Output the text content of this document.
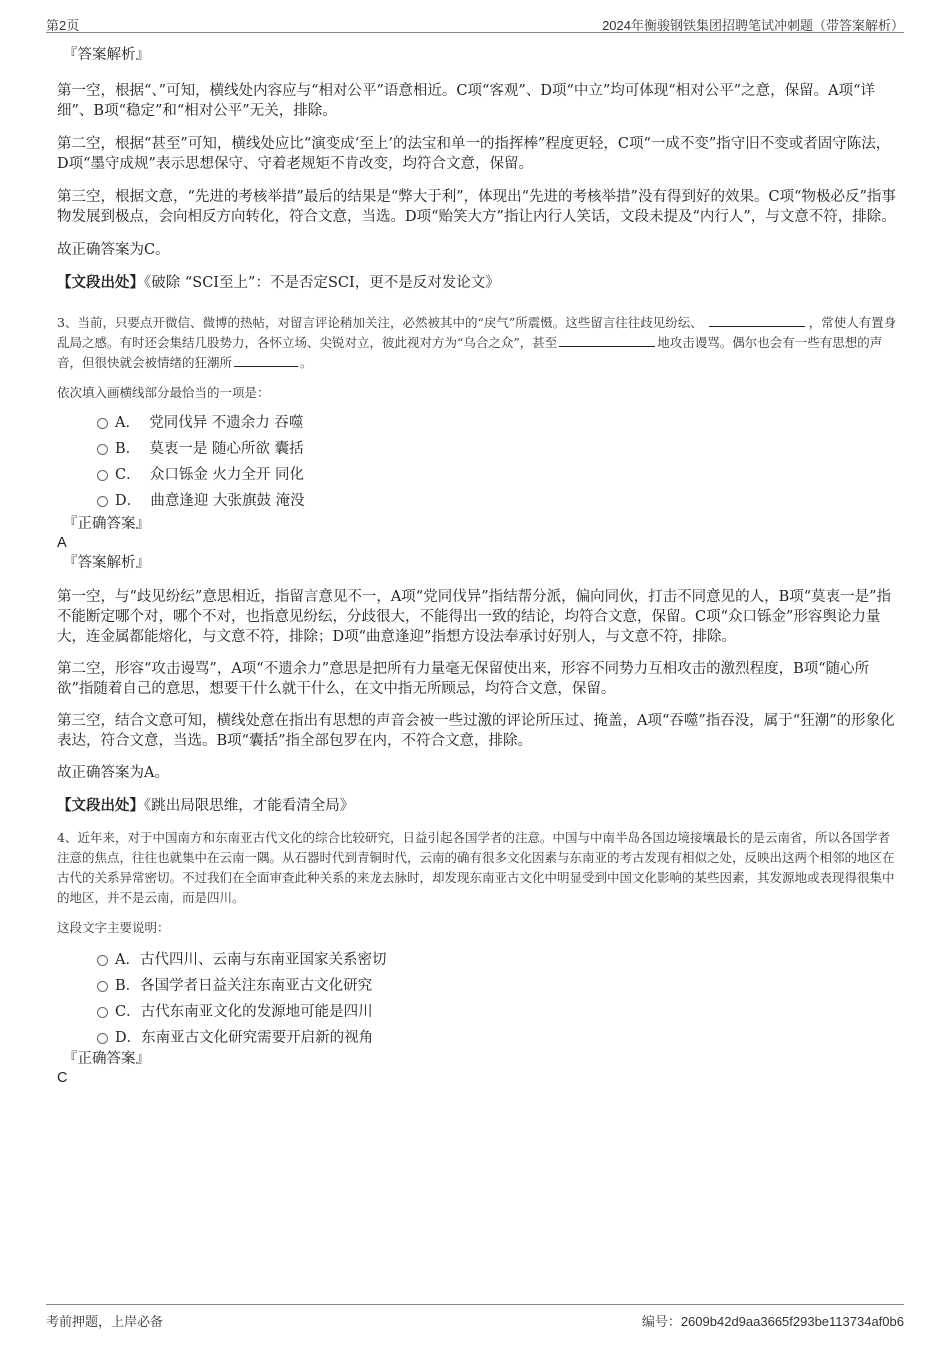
第2页	2024年衡骏钢铁集团招聘笔试冲刺题（带答案解析）

『答案解析』

第一空，根据“、”可知，横线处内容应与“相对公平”语意相近。C项“客观”、D项“中立”均可体现“相对公平”之意，保留。A项“详细”、B项“稳定”和“相对公平”无关，排除。

第二空，根据“甚至”可知，横线处应比“演变成‘至上’的法宝和单一的指挥棒”程度更轻，C项“一成不变”指守旧不变或者固守陈法，D项“墨守成规”表示思想保守、守着老规矩不肯改变，均符合文意，保留。

第三空，根据文意，“先进的考核举措”最后的结果是“弊大于利”，体现出“先进的考核举措”没有得到好的效果。C项“物极必反”指事物发展到极点，会向相反方向转化，符合文意，当选。D项“贻笑大方”指让内行人笑话，文段未提及“内行人”，与文意不符，排除。

故正确答案为C。

【文段出处】《破除 “SCI至上”：不是否定SCI，更不是反对发论文》

3、当前，只要点开微信、微博的热帖，对留言评论稍加关注，必然被其中的“戾气”所震慑。这些留言往往歧见纷纭、	，常使人有置身乱局之感。有时还会集结几股势力，各怀立场、尖锐对立，彼此视对方为“乌合之众”，甚至	地攻击谩骂。偶尔也会有一些有思想的声音，但很快就会被情绪的狂潮所	。

依次填入画横线部分最恰当的一项是：

A． 党同伐异 不遗余力 吞噬
B． 莫衷一是 随心所欲 囊括
C． 众口铄金 火力全开 同化
D． 曲意逢迎 大张旗鼓 淹没

『正确答案』

A

『答案解析』

第一空，与“歧见纷纭”意思相近，指留言意见不一，A项“党同伐异”指结帮分派，偏向同伙，打击不同意见的人，B项“莫衷一是”指不能断定哪个对，哪个不对，也指意见纷纭，分歧很大，不能得出一致的结论，均符合文意，保留。C项“众口铄金”形容舆论力量大，连金属都能熔化，与文意不符，排除；D项“曲意逢迎”指想方设法奉承讨好别人，与文意不符，排除。

第二空，形容“攻击谩骂”，A项“不遗余力”意思是把所有力量毫无保留使出来，形容不同势力互相攻击的激烈程度，B项“随心所欲”指随着自己的意思，想要干什么就干什么，在文中指无所顾忌，均符合文意，保留。

第三空，结合文意可知，横线处意在指出有思想的声音会被一些过激的评论所压过、掩盖，A项“吞噬”指吞没，属于“狂潮”的形象化表达，符合文意，当选。B项“囊括”指全部包罗在内，不符合文意，排除。

故正确答案为A。

【文段出处】《跳出局限思维，才能看清全局》

4、近年来，对于中国南方和东南亚古代文化的综合比较研究，日益引起各国学者的注意。中国与中南半岛各国边境接壤最长的是云南省，所以各国学者注意的焦点，往往也就集中在云南一隅。从石器时代到青铜时代，云南的确有很多文化因素与东南亚的考古发现有相似之处，反映出这两个相邻的地区在古代的关系异常密切。不过我们在全面审查此种关系的来龙去脉时，却发现东南亚古文化中明显受到中国文化影响的某些因素，其发源地或表现得很集中的地区，并不是云南，而是四川。

这段文字主要说明：

A．古代四川、云南与东南亚国家关系密切
B．各国学者日益关注东南亚古文化研究
C．古代东南亚文化的发源地可能是四川
D．东南亚古文化研究需要开启新的视角

『正确答案』

C

考前押题，上岸必备	编号：2609b42d9aa3665f293be113734af0b6
